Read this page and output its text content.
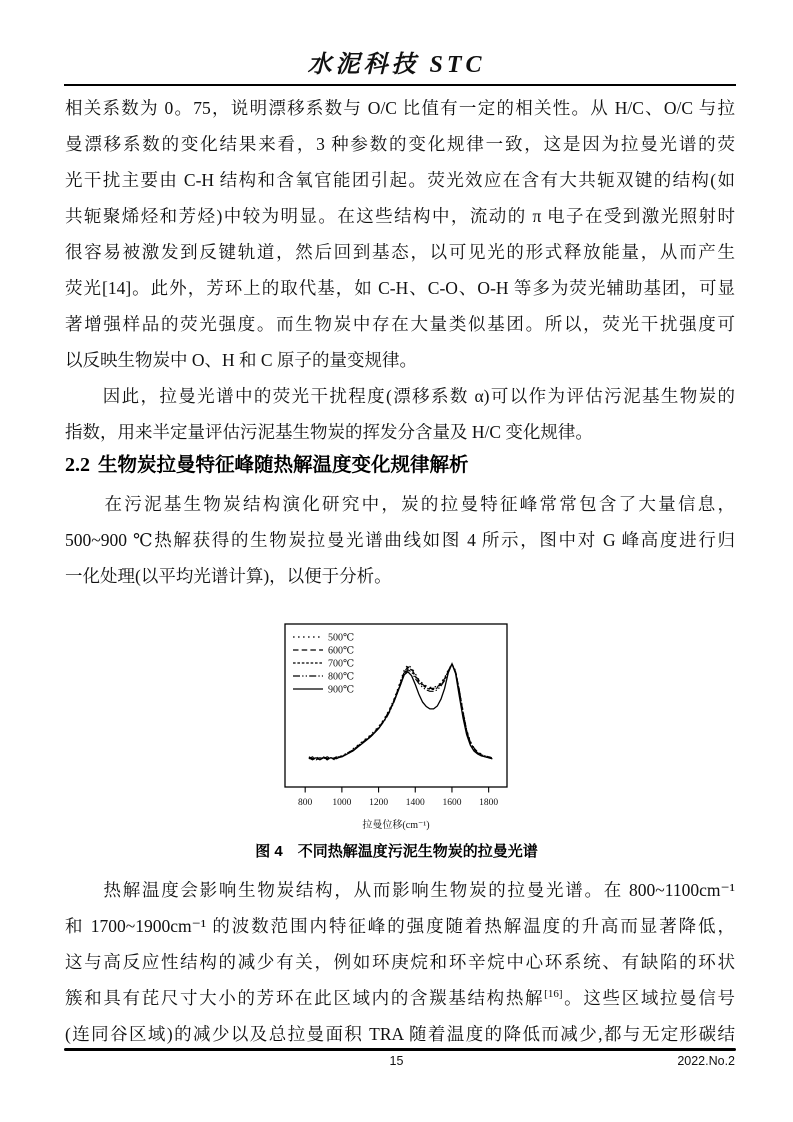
水泥科技 STC
相关系数为 0。75，说明漂移系数与 O/C 比值有一定的相关性。从 H/C、O/C 与拉
曼漂移系数的变化结果来看，3 种参数的变化规律一致，这是因为拉曼光谱的荧
光干扰主要由 C-H 结构和含氧官能团引起。荧光效应在含有大共轭双键的结构(如
共轭聚烯烃和芳烃)中较为明显。在这些结构中，流动的 π 电子在受到激光照射时
很容易被激发到反键轨道，然后回到基态，以可见光的形式释放能量，从而产生
荧光[14]。此外，芳环上的取代基，如 C-H、C-O、O-H 等多为荧光辅助基团，可显
著增强样品的荧光强度。而生物炭中存在大量类似基团。所以，荧光干扰强度可
以反映生物炭中 O、H 和 C 原子的量变规律。
　　因此，拉曼光谱中的荧光干扰程度(漂移系数 α)可以作为评估污泥基生物炭的
指数，用来半定量评估污泥基生物炭的挥发分含量及 H/C 变化规律。
2.2 生物炭拉曼特征峰随热解温度变化规律解析
　　在污泥基生物炭结构演化研究中，炭的拉曼特征峰常常包含了大量信息，
500~900 ℃热解获得的生物炭拉曼光谱曲线如图 4 所示，图中对 G 峰高度进行归
一化处理(以平均光谱计算)，以便于分析。
800 1000 1200 1400 1600 1800
拉曼位移(cm⁻¹)
500℃
600℃
700℃
800℃
900℃
图 4　不同热解温度污泥生物炭的拉曼光谱
　　热解温度会影响生物炭结构，从而影响生物炭的拉曼光谱。在 800~1100cm⁻¹
和 1700~1900cm⁻¹ 的波数范围内特征峰的强度随着热解温度的升高而显著降低，
这与高反应性结构的减少有关，例如环庚烷和环辛烷中心环系统、有缺陷的环状
簇和具有芘尺寸大小的芳环在此区域内的含羰基结构热解[16]。这些区域拉曼信号
(连同谷区域)的减少以及总拉曼面积 TRA 随着温度的降低而减少,都与无定形碳结
15	2022.No.2
